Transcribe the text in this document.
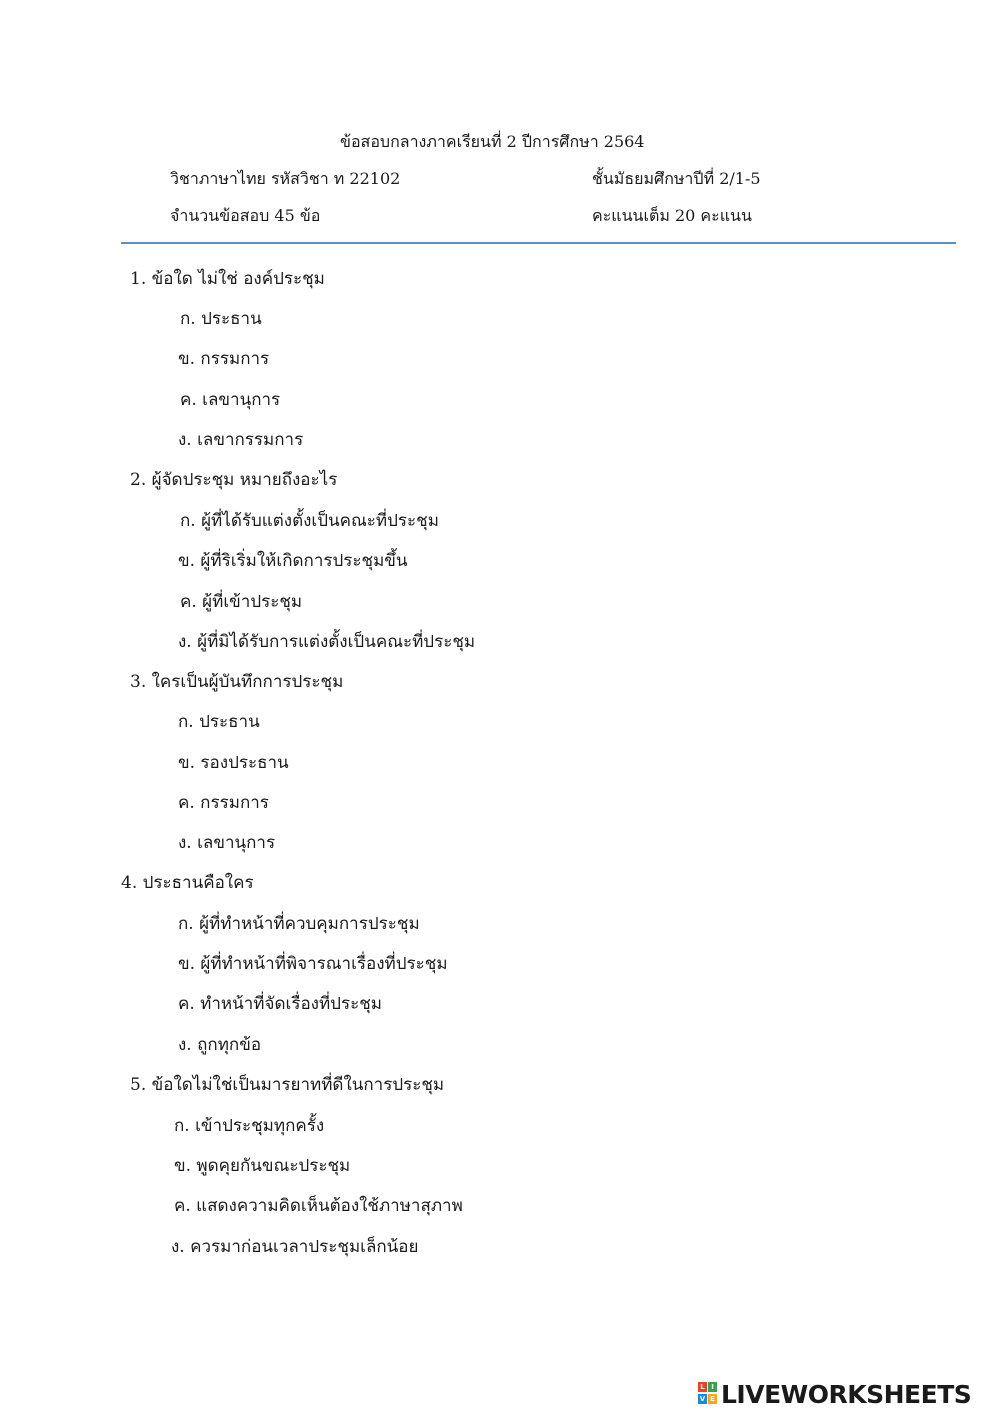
ข้อสอบกลางภาคเรียนที่ 2 ปีการศึกษา 2564
วิชาภาษาไทย รหัสวิชา ท 22102	ชั้นมัธยมศึกษาปีที่ 2/1-5
จำนวนข้อสอบ 45 ข้อ	คะแนนเต็ม 20 คะแนน
1. ข้อใด ไม่ใช่ องค์ประชุม
ก. ประธาน
ข. กรรมการ
ค. เลขานุการ
ง. เลขากรรมการ
2. ผู้จัดประชุม หมายถึงอะไร
ก. ผู้ที่ได้รับแต่งตั้งเป็นคณะที่ประชุม
ข. ผู้ที่ริเริ่มให้เกิดการประชุมขึ้น
ค. ผู้ที่เข้าประชุม
ง. ผู้ที่มิได้รับการแต่งตั้งเป็นคณะที่ประชุม
3. ใครเป็นผู้บันทึกการประชุม
ก. ประธาน
ข. รองประธาน
ค. กรรมการ
ง. เลขานุการ
4. ประธานคือใคร
ก. ผู้ที่ทำหน้าที่ควบคุมการประชุม
ข. ผู้ที่ทำหน้าที่พิจารณาเรื่องที่ประชุม
ค. ทำหน้าที่จัดเรื่องที่ประชุม
ง. ถูกทุกข้อ
5. ข้อใดไม่ใช่เป็นมารยาทที่ดีในการประชุม
ก. เข้าประชุมทุกครั้ง
ข. พูดคุยกันขณะประชุม
ค. แสดงความคิดเห็นต้องใช้ภาษาสุภาพ
ง. ควรมาก่อนเวลาประชุมเล็กน้อย
L I
V E LIVEWORKSHEETS
